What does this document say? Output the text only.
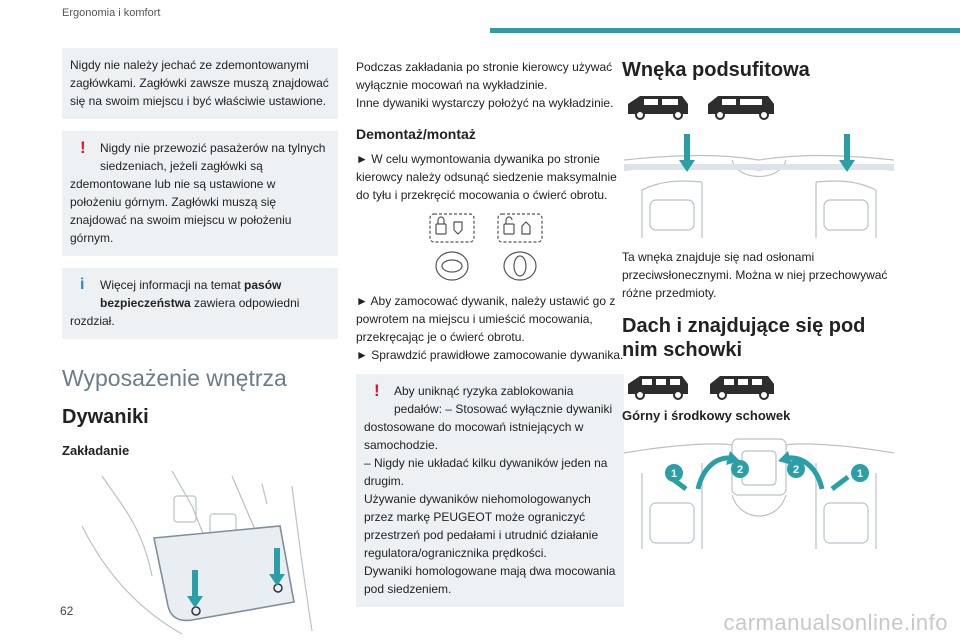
Ergonomia i komfort
Nigdy nie należy jechać ze zdemontowanymi zagłówkami. Zagłówki zawsze muszą znajdować się na swoim miejscu i być właściwie ustawione.
!	Nigdy nie przewozić pasażerów na tylnych siedzeniach, jeżeli zagłówki są
zdemontowane lub nie są ustawione w położeniu górnym. Zagłówki muszą się znajdować na swoim miejscu w położeniu górnym.
i	Więcej informacji na temat pasów bezpieczeństwa zawiera odpowiedni
rozdział.
Wyposażenie wnętrza
Dywaniki
Zakładanie

Podczas zakładania po stronie kierowcy używać wyłącznie mocowań na wykładzinie.

Inne dywaniki wystarczy położyć na wykładzinie.

Demontaż/montaż

► W celu wymontowania dywanika po stronie kierowcy należy odsunąć siedzenie maksymalnie do tyłu i przekręcić mocowania o ćwierć obrotu.

► Aby zamocować dywanik, należy ustawić go z powrotem na miejscu i umieścić mocowania, przekręcając je o ćwierć obrotu.

► Sprawdzić prawidłowe zamocowanie dywanika.

!	Aby uniknąć ryzyka zablokowania pedałów: – Stosować wyłącznie dywaniki
dostosowane do mocowań istniejących w samochodzie.
– Nigdy nie układać kilku dywaników jeden na drugim.
Używanie dywaników niehomologowanych przez markę PEUGEOT może ograniczyć przestrzeń pod pedałami i utrudnić działanie regulatora/ogranicznika prędkości.
Dywaniki homologowane mają dwa mocowania pod siedzeniem.
Wnęka podsufitowa

Ta wnęka znajduje się nad osłonami przeciwsłonecznymi. Można w niej przechowywać różne przedmioty.

Dach i znajdujące się pod nim schowki
Górny i środkowy schowek
1	2	2	1
62	carmanualsonline.info
